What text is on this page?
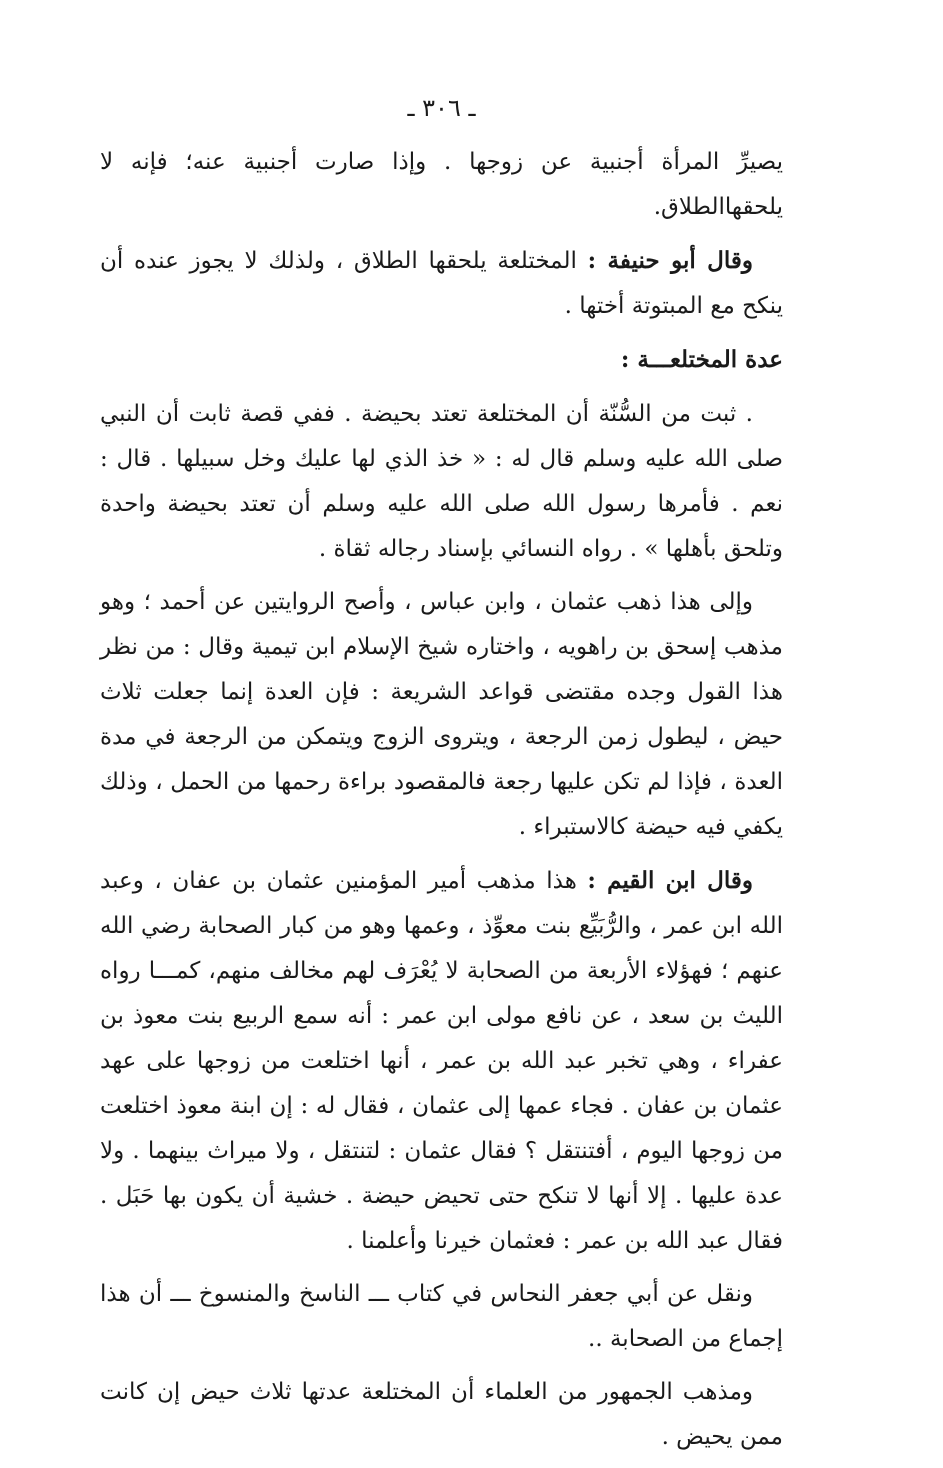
ـ ٣٠٦ ـ

يصيرِّ المرأة أجنبية عن زوجها . وإذا صارت أجنبية عنه؛ فإنه لا يلحقهاالطلاق.

وقال أبو حنيفة : المختلعة يلحقها الطلاق ، ولذلك لا يجوز عنده أن ينكح مع المبتوتة أختها .

عدة المختلعـــة :

. ثبت من السُّنّة أن المختلعة تعتد بحيضة . ففي قصة ثابت أن النبي صلى الله عليه وسلم قال له : « خذ الذي لها عليك وخل سبيلها . قال : نعم . فأمرها رسول الله صلى الله عليه وسلم أن تعتد بحيضة واحدة وتلحق بأهلها » . رواه النسائي بإسناد رجاله ثقاة .

وإلى هذا ذهب عثمان ، وابن عباس ، وأصح الروايتين عن أحمد ؛ وهو مذهب إسحق بن راهويه ، واختاره شيخ الإسلام ابن تيمية وقال : من نظر هذا القول وجده مقتضى قواعد الشريعة : فإن العدة إنما جعلت ثلاث حيض ، ليطول زمن الرجعة ، ويتروى الزوج ويتمكن من الرجعة في مدة العدة ، فإذا لم تكن عليها رجعة فالمقصود براءة رحمها من الحمل ، وذلك يكفي فيه حيضة كالاستبراء .

وقال ابن القيم : هذا مذهب أمير المؤمنين عثمان بن عفان ، وعبد الله ابن عمر ، والرُّبَيِّع بنت معوِّذ ، وعمها وهو من كبار الصحابة رضي الله عنهم ؛ فهؤلاء الأربعة من الصحابة لا يُعْرَف لهم مخالف منهم، كمـــا رواه الليث بن سعد ، عن نافع مولى ابن عمر : أنه سمع الربيع بنت معوذ بن عفراء ، وهي تخبر عبد الله بن عمر ، أنها اختلعت من زوجها على عهد عثمان بن عفان . فجاء عمها إلى عثمان ، فقال له : إن ابنة معوذ اختلعت من زوجها اليوم ، أفتنتقل ؟ فقال عثمان : لتنتقل ، ولا ميراث بينهما . ولا عدة عليها . إلا أنها لا تنكح حتى تحيض حيضة . خشية أن يكون بها حَبَل . فقال عبد الله بن عمر : فعثمان خيرنا وأعلمنا .

ونقل عن أبي جعفر النحاس في كتاب ـــ الناسخ والمنسوخ ـــ أن هذا إجماع من الصحابة ..

ومذهب الجمهور من العلماء أن المختلعة عدتها ثلاث حيض إن كانت ممن يحيض .
